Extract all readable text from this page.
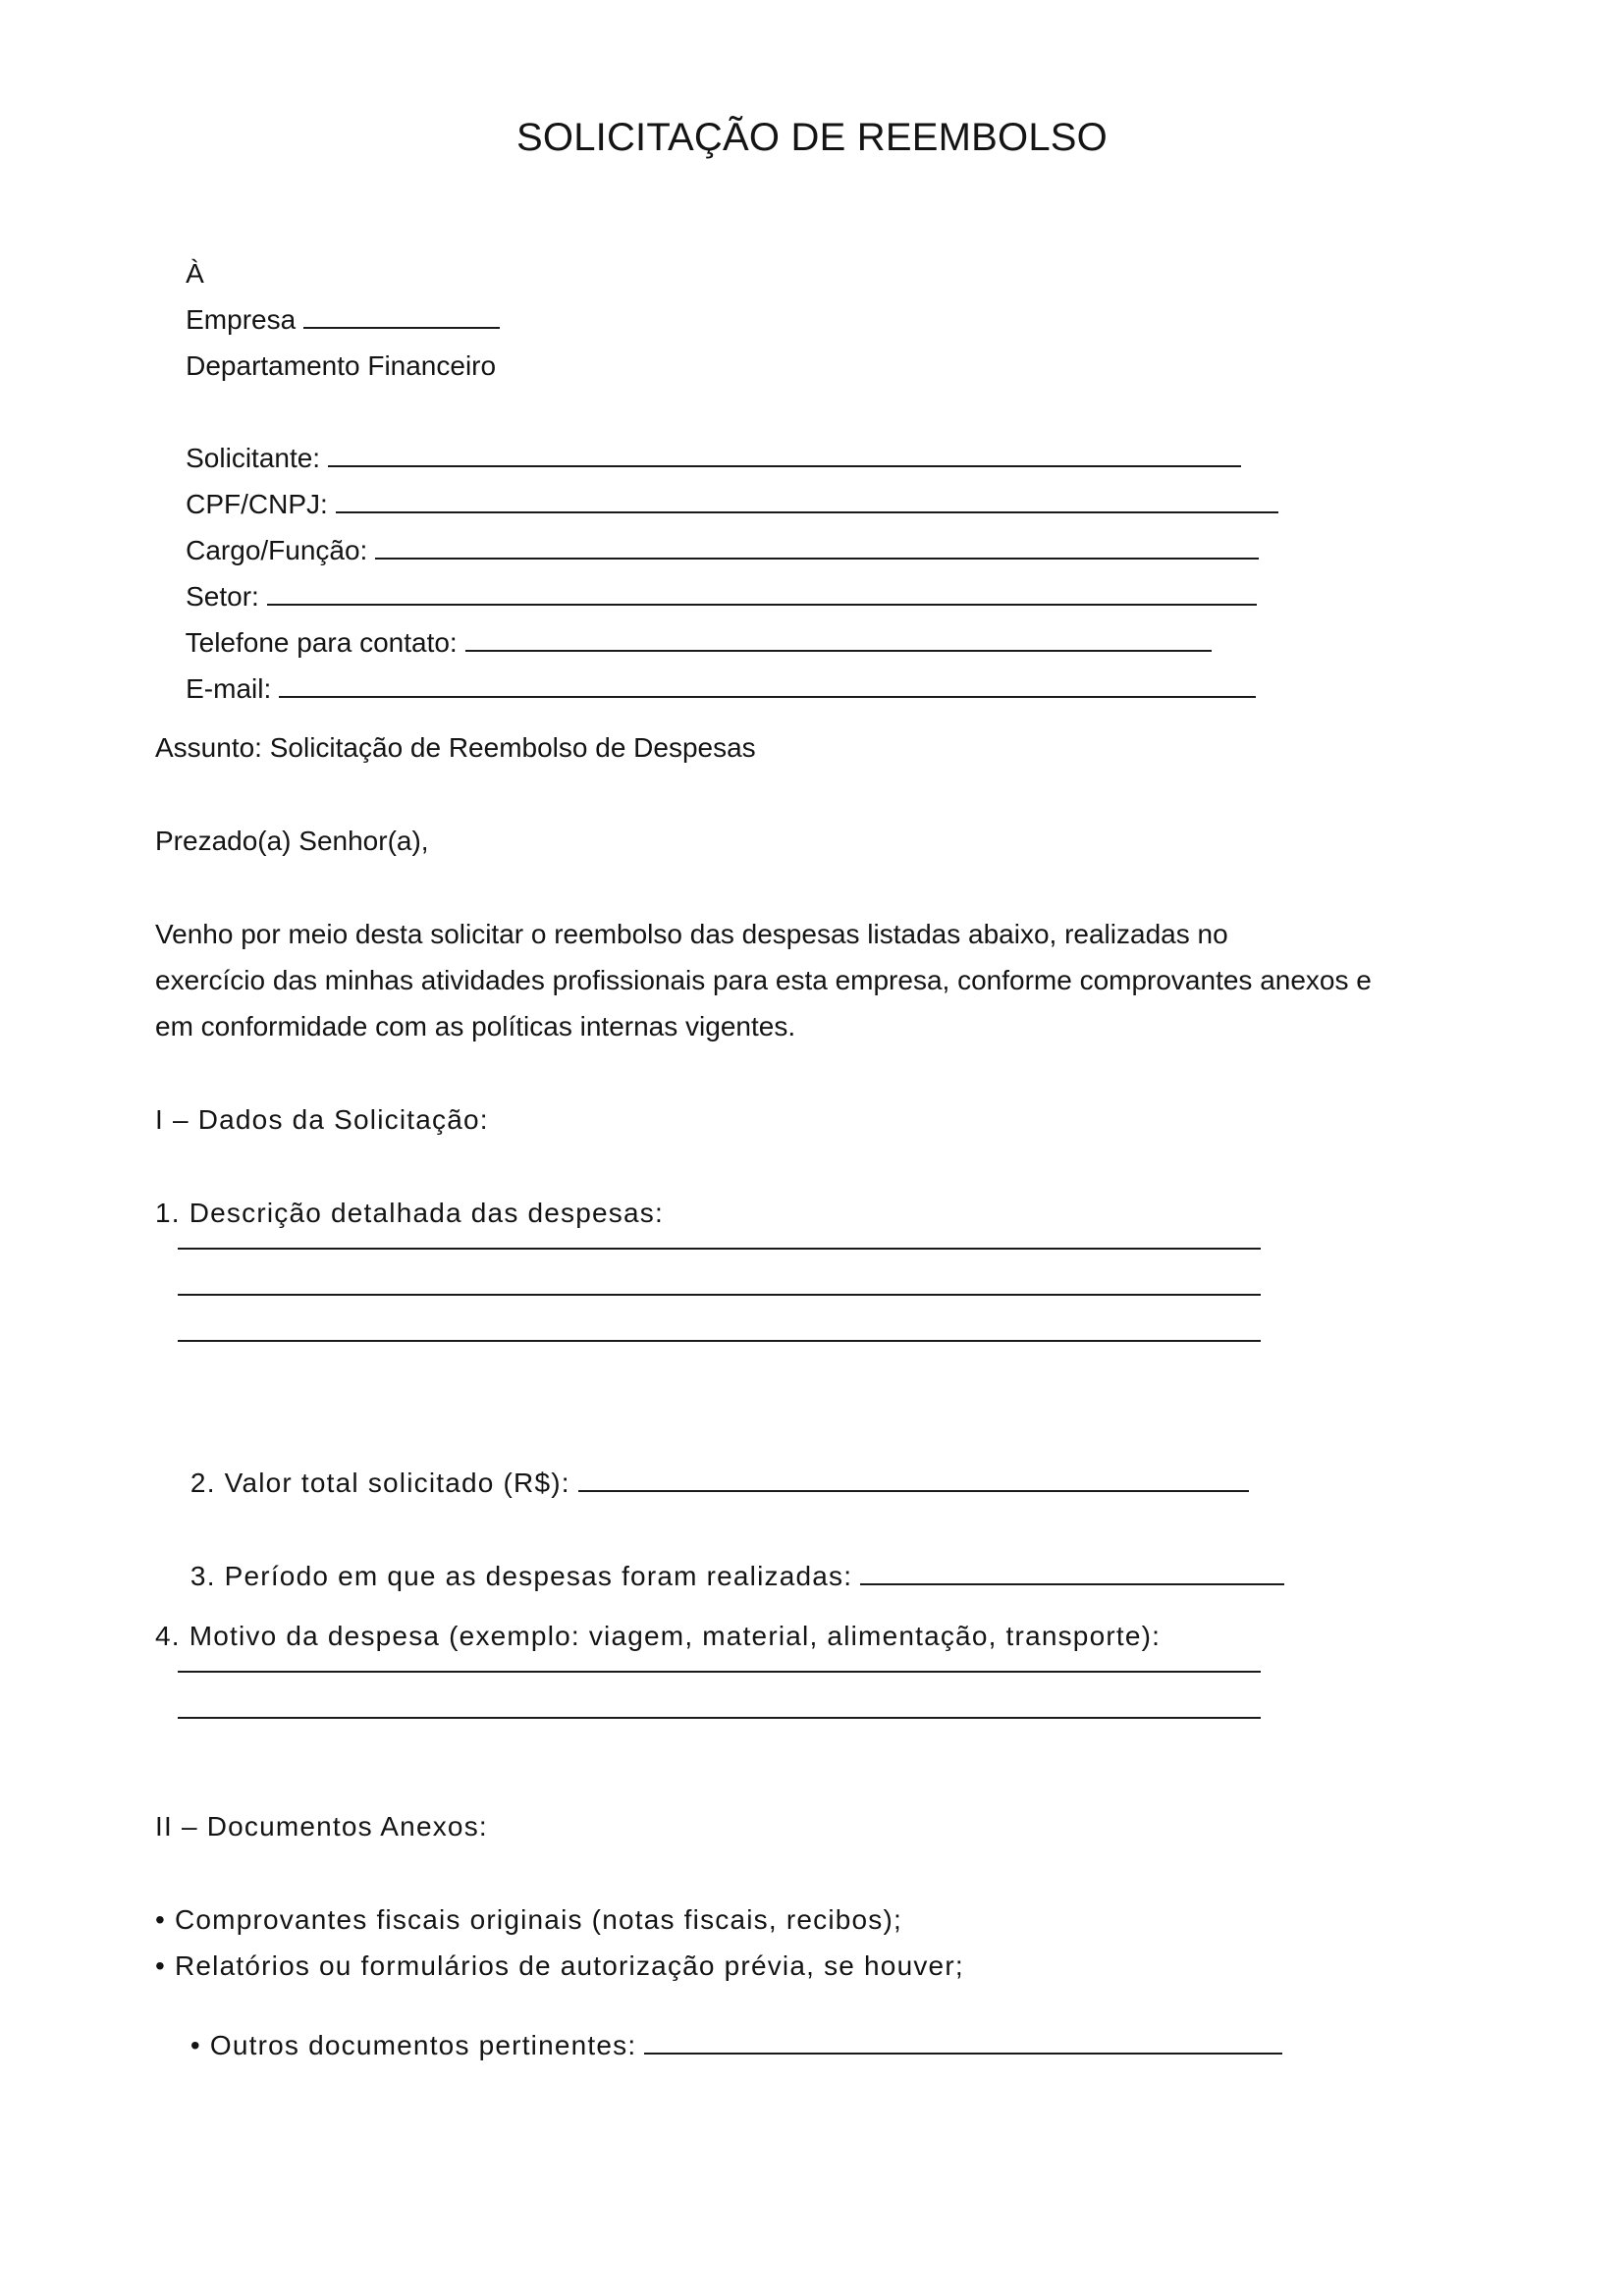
SOLICITAÇÃO DE REEMBOLSO

À

Empresa

Departamento Financeiro

Solicitante:

CPF/CNPJ:

Cargo/Função:

Setor:

Telefone para contato:

E-mail:

Assunto: Solicitação de Reembolso de Despesas
Prezado(a) Senhor(a),
Venho por meio desta solicitar o reembolso das despesas listadas abaixo, realizadas no
exercício das minhas atividades profissionais para esta empresa, conforme comprovantes anexos e
em conformidade com as políticas internas vigentes.
I – Dados da Solicitação:
1. Descrição detalhada das despesas:

2. Valor total solicitado (R$):

3. Período em que as despesas foram realizadas:

4. Motivo da despesa (exemplo: viagem, material, alimentação, transporte):
II – Documentos Anexos:
• Comprovantes fiscais originais (notas fiscais, recibos);
• Relatórios ou formulários de autorização prévia, se houver;

• Outros documentos pertinentes:
